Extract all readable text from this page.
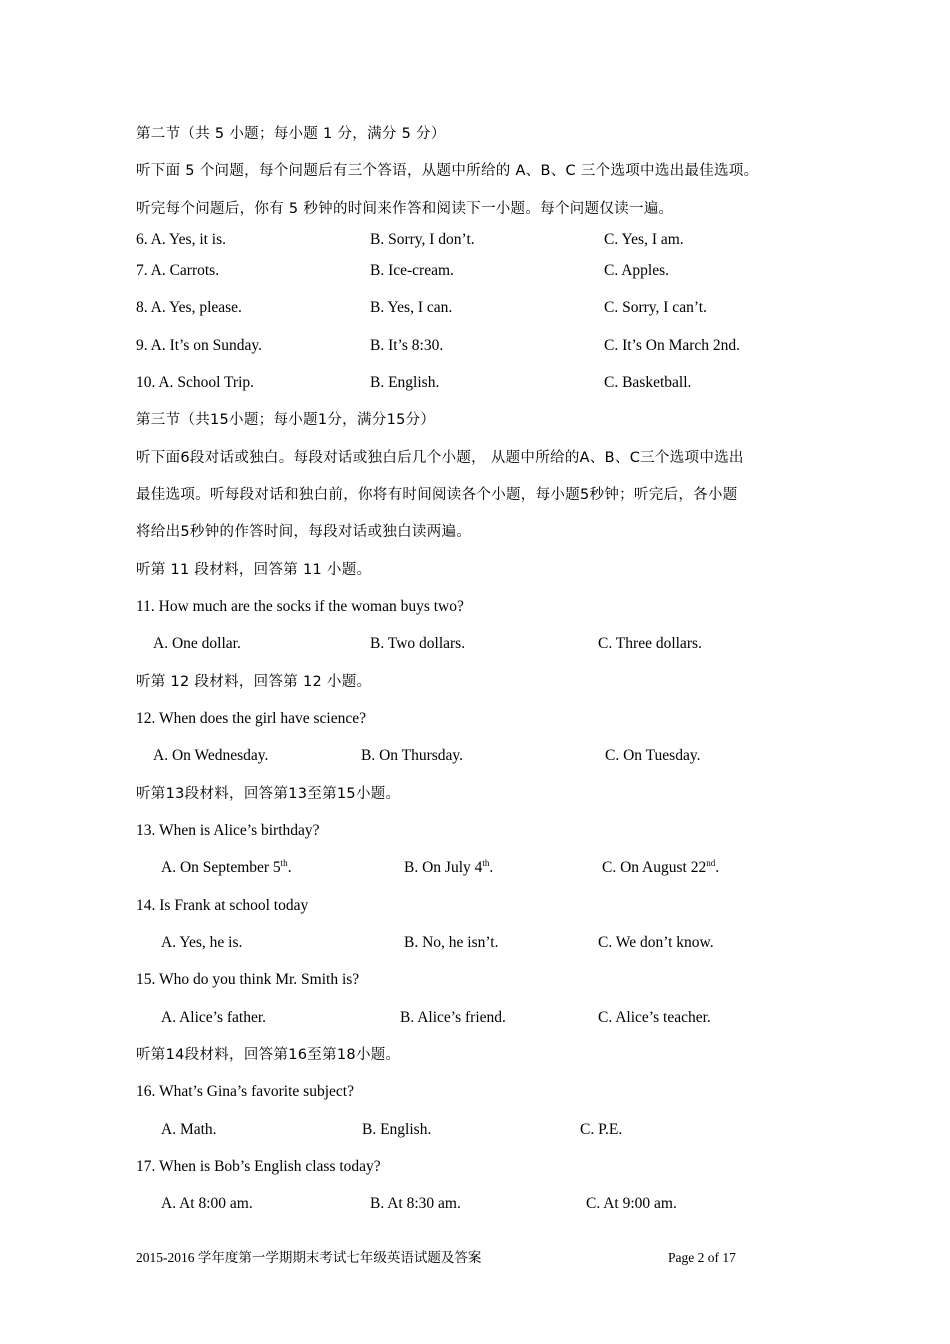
第二节（共 5 小题；每小题 1 分，满分 5 分）
听下面 5 个问题，每个问题后有三个答语，从题中所给的 A、B、C 三个选项中选出最佳选项。
听完每个问题后，你有 5 秒钟的时间来作答和阅读下一小题。每个问题仅读一遍。
6. A. Yes, it is.	B. Sorry, I don’t.	C. Yes, I am.
7. A. Carrots.	B. Ice-cream.	C. Apples.
8. A. Yes, please.	B. Yes, I can.	C. Sorry, I can’t.
9. A. It’s on Sunday.	B. It’s 8:30.	C. It’s On March 2nd.
10. A. School Trip.	B. English.	C. Basketball.
第三节（共15小题；每小题1分，满分15分）
听下面6段对话或独白。每段对话或独白后几个小题， 从题中所给的A、B、C三个选项中选出
最佳选项。听每段对话和独白前，你将有时间阅读各个小题，每小题5秒钟；听完后，各小题
将给出5秒钟的作答时间，每段对话或独白读两遍。
听第 11 段材料，回答第 11 小题。
11. How much are the socks if the woman buys two?
A. One dollar.	B. Two dollars.	C. Three dollars.
听第 12 段材料，回答第 12 小题。
12. When does the girl have science?
A. On Wednesday.	B. On Thursday.	C. On Tuesday.
听第13段材料，回答第13至第15小题。
13. When is Alice’s birthday?
A. On September 5th.	B. On July 4th.	C. On August 22nd.
14. Is Frank at school today
A. Yes, he is.	B. No, he isn’t.	C. We don’t know.
15. Who do you think Mr. Smith is?
A. Alice’s father.	B. Alice’s friend.	C. Alice’s teacher.
听第14段材料，回答第16至第18小题。
16. What’s Gina’s favorite subject?
A. Math.	B. English.	C. P.E.
17. When is Bob’s English class today?
A. At 8:00 am.	B. At 8:30 am.	C. At 9:00 am.
2015-2016 学年度第一学期期末考试七年级英语试题及答案	Page 2 of 17
